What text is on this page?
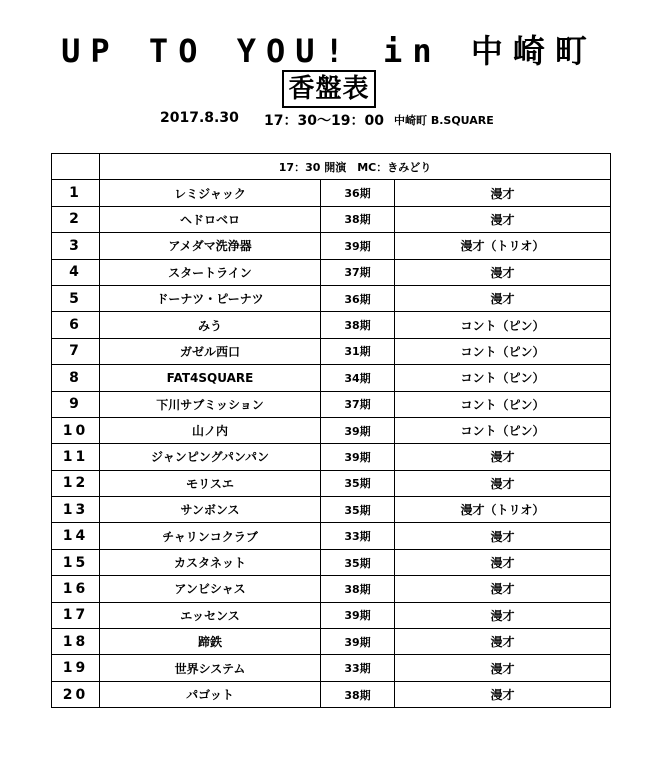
UP TO YOU! in 中崎町
香盤表
2017.8.30 17：30～19：00 中崎町 B.SQUARE
	17：30 開演　MC：きみどり		
1	レミジャック	36期	漫才
2	ヘドロベロ	38期	漫才
3	アメダマ洗浄器	39期	漫才（トリオ）
4	スタートライン	37期	漫才
5	ドーナツ・ピーナツ	36期	漫才
6	みう	38期	コント（ピン）
7	ガゼル西口	31期	コント（ピン）
8	FAT4SQUARE	34期	コント（ピン）
9	下川サブミッション	37期	コント（ピン）
10	山ノ内	39期	コント（ピン）
11	ジャンピングパンパン	39期	漫才
12	モリスエ	35期	漫才
13	サンボンス	35期	漫才（トリオ）
14	チャリンコクラブ	33期	漫才
15	カスタネット	35期	漫才
16	アンビシャス	38期	漫才
17	エッセンス	39期	漫才
18	蹄鉄	39期	漫才
19	世界システム	33期	漫才
20	パゴット	38期	漫才
